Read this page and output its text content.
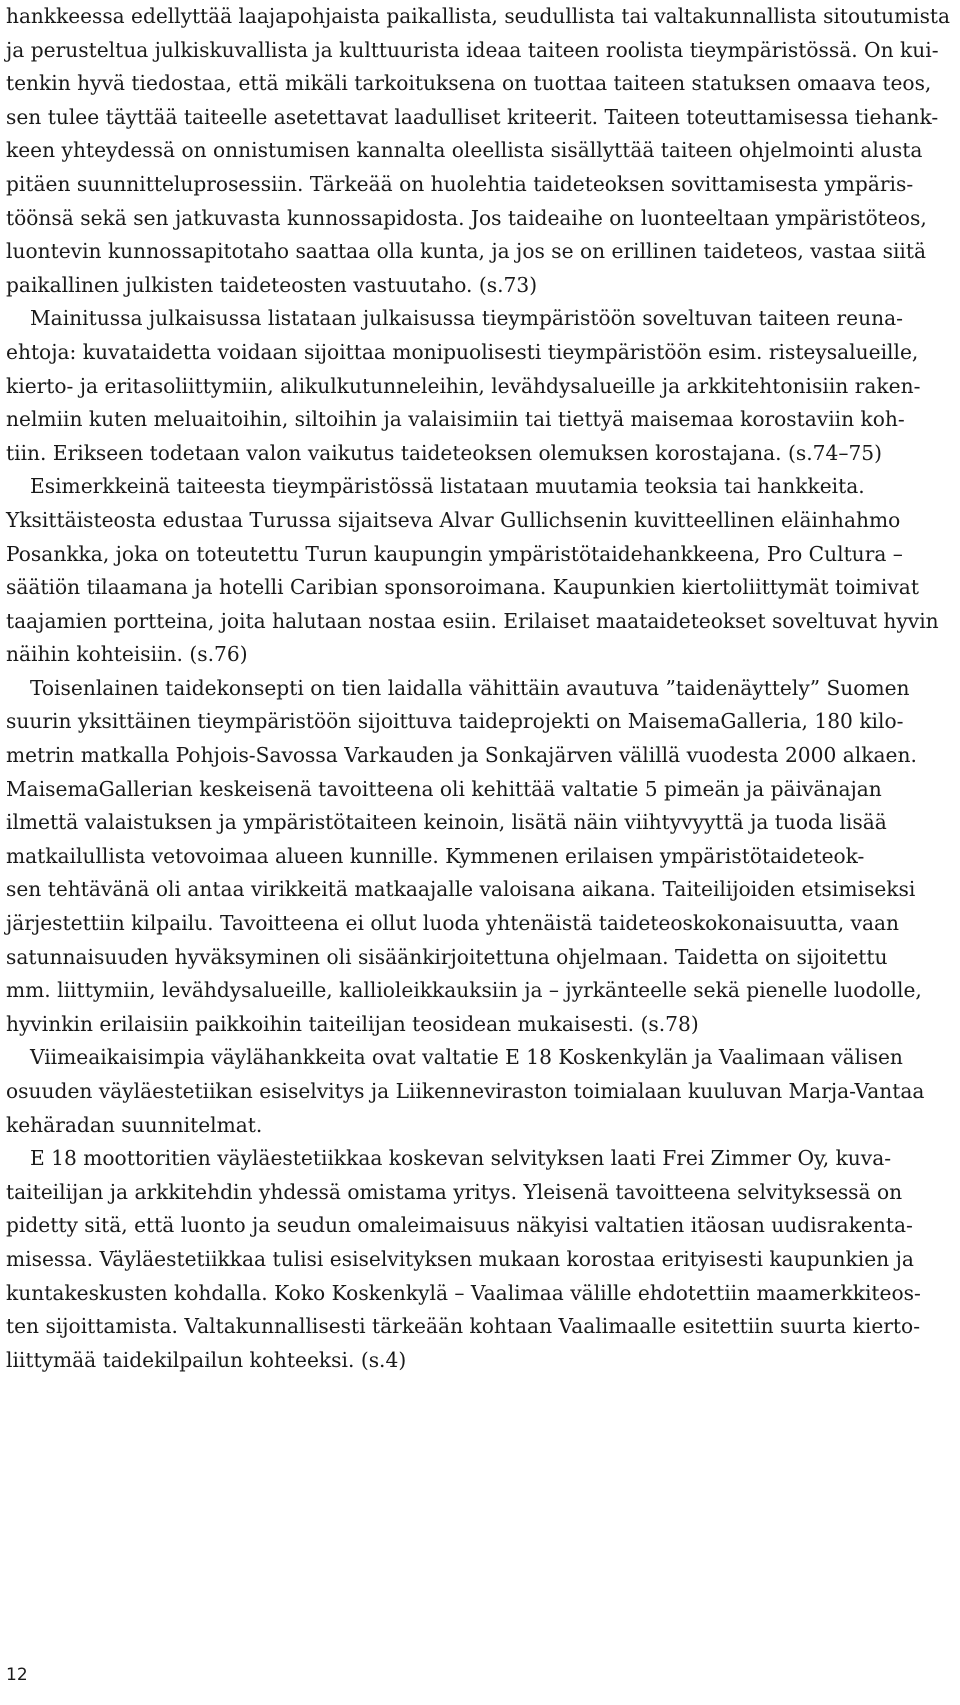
hankkeessa edellyttää laajapohjaista paikallista, seudullista tai valtakunnallista sitoutumista

ja perusteltua julkiskuvallista ja kulttuurista ideaa taiteen roolista tieympäristössä. On kui-

tenkin hyvä tiedostaa, että mikäli tarkoituksena on tuottaa taiteen statuksen omaava teos,

sen tulee täyttää taiteelle asetettavat laadulliset kriteerit. Taiteen toteuttamisessa tiehank-

keen yhteydessä on onnistumisen kannalta oleellista sisällyttää taiteen ohjelmointi alusta

pitäen suunnitteluprosessiin. Tärkeää on huolehtia taideteoksen sovittamisesta ympäris-

töönsä sekä sen jatkuvasta kunnossapidosta. Jos taideaihe on luonteeltaan ympäristöteos,

luontevin kunnossapitotaho saattaa olla kunta, ja jos se on erillinen taideteos, vastaa siitä

paikallinen julkisten taideteosten vastuutaho. (s.73)

Mainitussa julkaisussa listataan julkaisussa tieympäristöön soveltuvan taiteen reuna-

ehtoja: kuvataidetta voidaan sijoittaa monipuolisesti tieympäristöön esim. risteysalueille,

kierto- ja eritasoliittymiin, alikulkutunneleihin, levähdysalueille ja arkkitehtonisiin raken-

nelmiin kuten meluaitoihin, siltoihin ja valaisimiin tai tiettyä maisemaa korostaviin koh-

tiin. Erikseen todetaan valon vaikutus taideteoksen olemuksen korostajana. (s.74–75)

Esimerkkeinä taiteesta tieympäristössä listataan muutamia teoksia tai hankkeita.

Yksittäisteosta edustaa Turussa sijaitseva Alvar Gullichsenin kuvitteellinen eläinhahmo

Posankka, joka on toteutettu Turun kaupungin ympäristötaidehankkeena, Pro Cultura –

säätiön tilaamana ja hotelli Caribian sponsoroimana. Kaupunkien kiertoliittymät toimivat

taajamien portteina, joita halutaan nostaa esiin. Erilaiset maataideteokset soveltuvat hyvin

näihin kohteisiin. (s.76)

Toisenlainen taidekonsepti on tien laidalla vähittäin avautuva ”taidenäyttely” Suomen

suurin yksittäinen tieympäristöön sijoittuva taideprojekti on MaisemaGalleria, 180 kilo-

metrin matkalla Pohjois-Savossa Varkauden ja Sonkajärven välillä vuodesta 2000 alkaen.

MaisemaGallerian keskeisenä tavoitteena oli kehittää valtatie 5 pimeän ja päivänajan

ilmettä valaistuksen ja ympäristötaiteen keinoin, lisätä näin viihtyvyyttä ja tuoda lisää

matkailullista vetovoimaa alueen kunnille. Kymmenen erilaisen ympäristötaideteok-

sen tehtävänä oli antaa virikkeitä matkaajalle valoisana aikana. Taiteilijoiden etsimiseksi

järjestettiin kilpailu. Tavoitteena ei ollut luoda yhtenäistä taideteoskokonaisuutta, vaan

satunnaisuuden hyväksyminen oli sisäänkirjoitettuna ohjelmaan. Taidetta on sijoitettu

mm. liittymiin, levähdysalueille, kallioleikkauksiin ja – jyrkänteelle sekä pienelle luodolle,

hyvinkin erilaisiin paikkoihin taiteilijan teosidean mukaisesti. (s.78)

Viimeaikaisimpia väylähankkeita ovat valtatie E 18 Koskenkylän ja Vaalimaan välisen

osuuden väyläestetiikan esiselvitys ja Liikenneviraston toimialaan kuuluvan Marja-Vantaa

kehäradan suunnitelmat.

E 18 moottoritien väyläestetiikkaa koskevan selvityksen laati Frei Zimmer Oy, kuva-

taiteilijan ja arkkitehdin yhdessä omistama yritys. Yleisenä tavoitteena selvityksessä on

pidetty sitä, että luonto ja seudun omaleimaisuus näkyisi valtatien itäosan uudisrakenta-

misessa. Väyläestetiikkaa tulisi esiselvityksen mukaan korostaa erityisesti kaupunkien ja

kuntakeskusten kohdalla. Koko Koskenkylä – Vaalimaa välille ehdotettiin maamerkkiteos-

ten sijoittamista. Valtakunnallisesti tärkeään kohtaan Vaalimaalle esitettiin suurta kierto-

liittymää taidekilpailun kohteeksi. (s.4)

12
